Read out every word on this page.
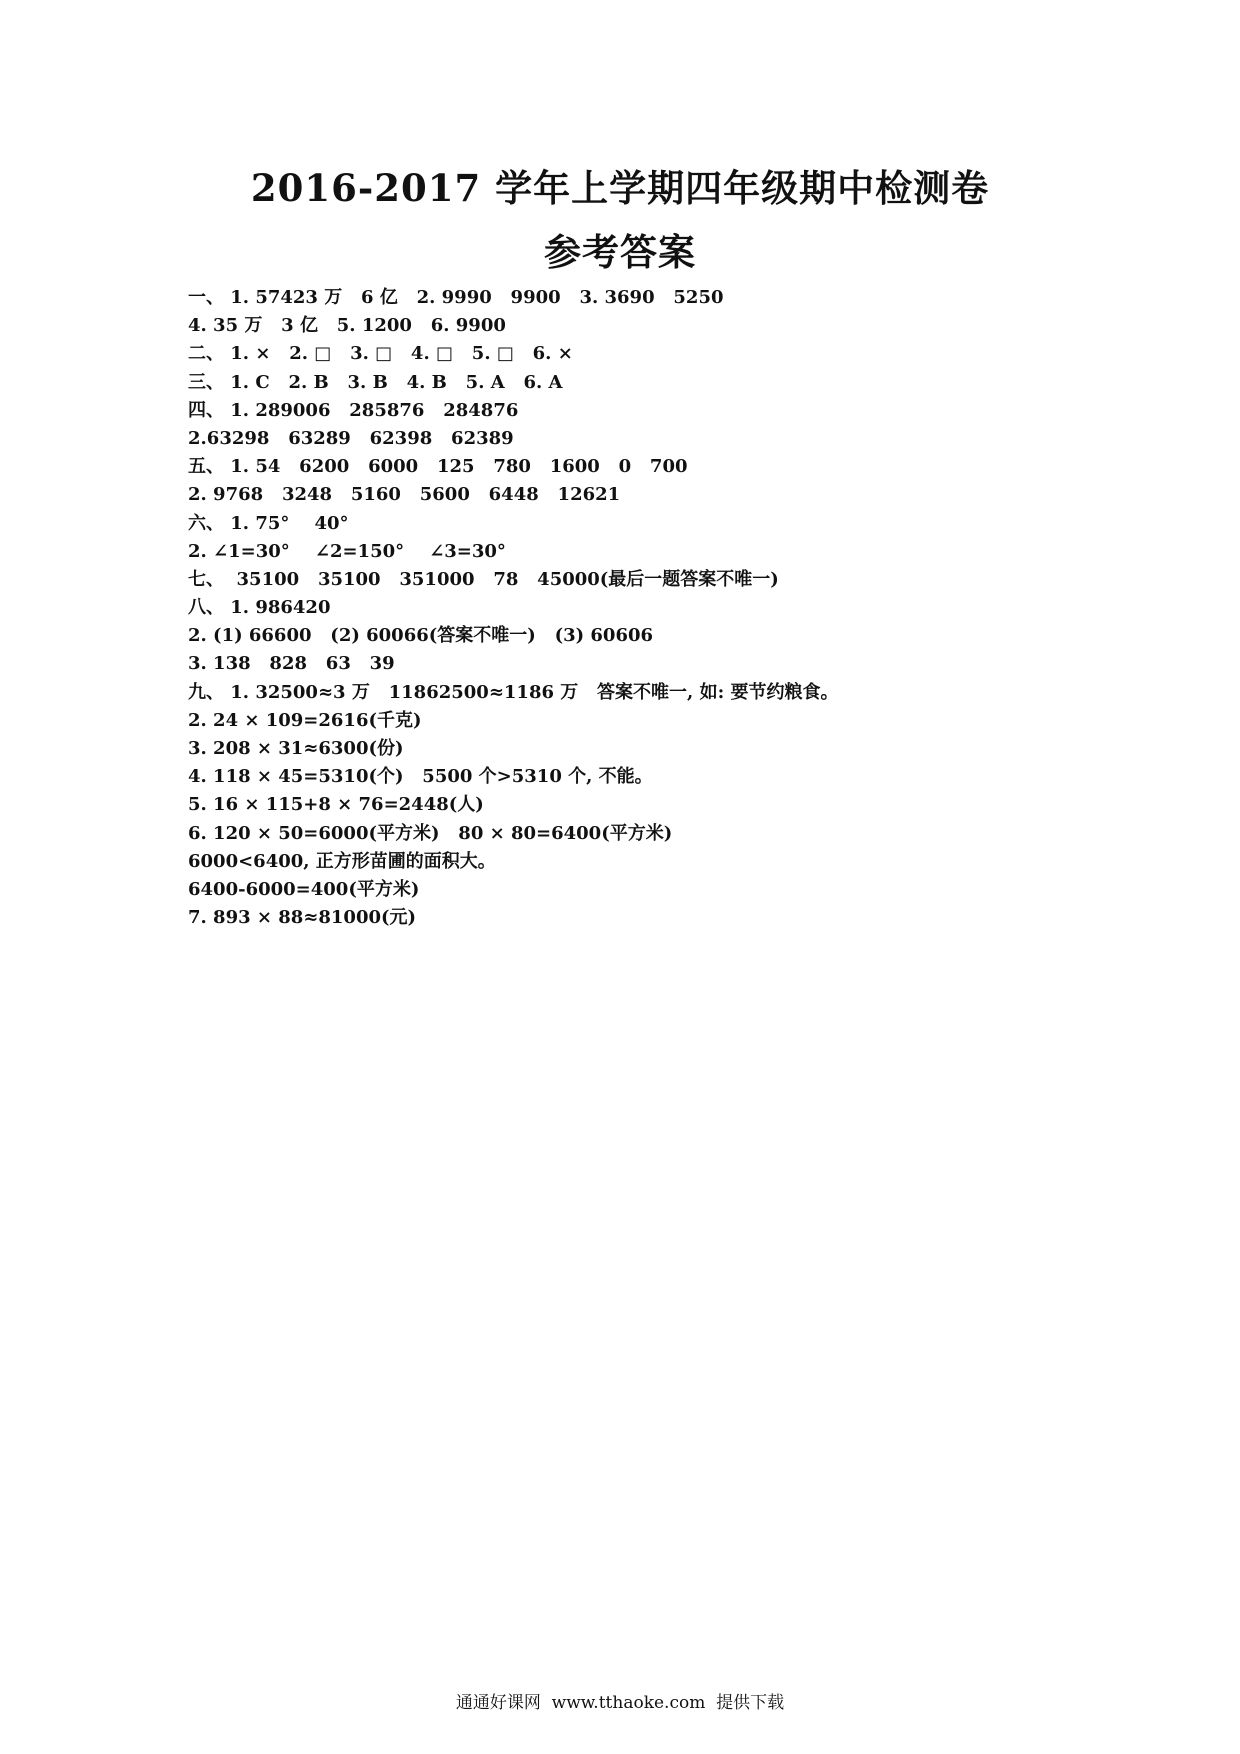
2016-2017 学年上学期四年级期中检测卷
参考答案
一、 1. 57423 万   6 亿   2. 9990   9900   3. 3690   5250
4. 35 万   3 亿   5. 1200   6. 9900
二、 1. ×   2. □   3. □   4. □   5. □   6. ×
三、 1. C   2. B   3. B   4. B   5. A   6. A
四、 1. 289006   285876   284876
2.63298   63289   62398   62389
五、 1. 54   6200   6000   125   780   1600   0   700
2. 9768   3248   5160   5600   6448   12621
六、 1. 75°    40°
2. ∠1=30°    ∠2=150°    ∠3=30°
七、  35100   35100   351000   78   45000(最后一题答案不唯一)
八、 1. 986420
2. (1) 66600   (2) 60066(答案不唯一)   (3) 60606
3. 138   828   63   39
九、 1. 32500≈3 万   11862500≈1186 万   答案不唯一, 如: 要节约粮食。
2. 24 × 109=2616(千克)
3. 208 × 31≈6300(份)
4. 118 × 45=5310(个)   5500 个>5310 个, 不能。
5. 16 × 115+8 × 76=2448(人)
6. 120 × 50=6000(平方米)   80 × 80=6400(平方米)
6000<6400, 正方形苗圃的面积大。
6400-6000=400(平方米)
7. 893 × 88≈81000(元)
通通好课网  www.tthaoke.com  提供下载
